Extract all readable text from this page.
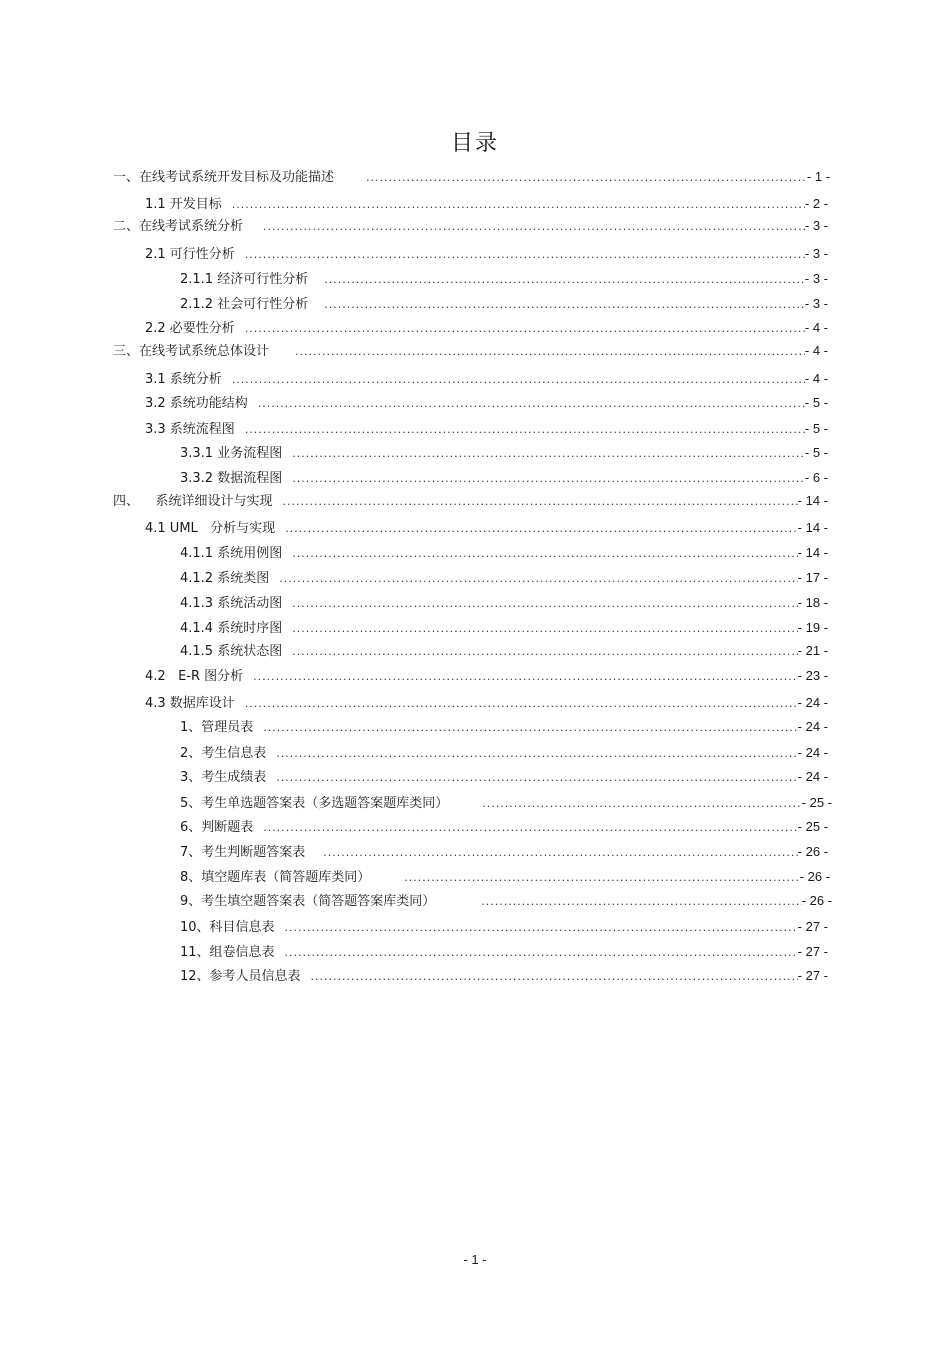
目录
一、在线考试系统开发目标及功能描述 .....	- 1 -
1.1 开发目标 .....	- 2 -
二、在线考试系统分析 .....	- 3 -
2.1 可行性分析 .....	- 3 -
2.1.1 经济可行性分析 .....	- 3 -
2.1.2 社会可行性分析 .....	- 3 -
2.2 必要性分析 .....	- 4 -
三、在线考试系统总体设计 .....	- 4 -
3.1 系统分析 .....	- 4 -
3.2 系统功能结构 .....	- 5 -
3.3 系统流程图 .....	- 5 -
3.3.1 业务流程图 .....	- 5 -
3.3.2 数据流程图 .....	- 6 -
四、    系统详细设计与实现 .....	- 14 -
4.1 UML   分析与实现 .....	- 14 -
4.1.1 系统用例图 .....	- 14 -
4.1.2 系统类图 .....	- 17 -
4.1.3 系统活动图 .....	- 18 -
4.1.4 系统时序图 .....	- 19 -
4.1.5 系统状态图 .....	- 21 -
4.2   E-R 图分析 .....	- 23 -
4.3 数据库设计 .....	- 24 -
1、管理员表 .....	- 24 -
2、考生信息表 .....	- 24 -
3、考生成绩表 .....	- 24 -
5、考生单选题答案表（多选题答案题库类同） .....	- 25 -
6、判断题表 .....	- 25 -
7、考生判断题答案表 .....	- 26 -
8、填空题库表（简答题库类同） .....	- 26 -
9、考生填空题答案表（简答题答案库类同） .....	- 26 -
10、科目信息表 .....	- 27 -
11、组卷信息表 .....	- 27 -
12、参考人员信息表 .....	- 27 -
- 1 -
